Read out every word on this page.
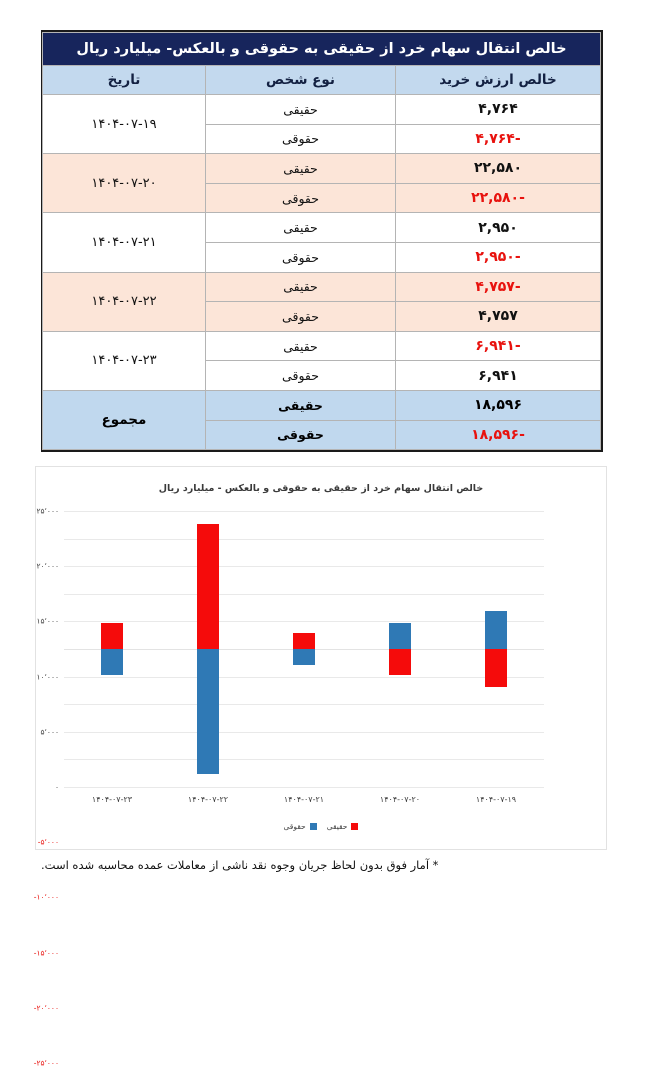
خالص انتقال سهام خرد از حقیقی به حقوقی و بالعکس- میلیارد ریال		
خالص ارزش خرید	نوع شخص	تاریخ
۴,۷۶۴	حقیقی	۱۴۰۴-۰۷-۱۹
-۴,۷۶۴	حقوقی	
۲۲,۵۸۰	حقیقی	۱۴۰۴-۰۷-۲۰
-۲۲,۵۸۰	حقوقی	
۲,۹۵۰	حقیقی	۱۴۰۴-۰۷-۲۱
-۲,۹۵۰	حقوقی	
-۴,۷۵۷	حقیقی	۱۴۰۴-۰۷-۲۲
۴,۷۵۷	حقوقی	
-۶,۹۴۱	حقیقی	۱۴۰۴-۰۷-۲۳
۶,۹۴۱	حقوقی	
۱۸,۵۹۶	حقیقی	مجموع
-۱۸,۵۹۶	حقوقی	
خالص انتقال سهام خرد از حقیقی به حقوقی و بالعکس - میلیارد ریال
۲۵٬۰۰۰
۲۰٬۰۰۰
۱۵٬۰۰۰
۱۰٬۰۰۰
۵٬۰۰۰
۰
-۵٬۰۰۰
-۱۰٬۰۰۰
-۱۵٬۰۰۰
-۲۰٬۰۰۰
-۲۵٬۰۰۰
۱۴۰۴-۰۷-۱۹
۱۴۰۴-۰۷-۲۰
۱۴۰۴-۰۷-۲۱
۱۴۰۴-۰۷-۲۲
۱۴۰۴-۰۷-۲۳
حقیقی
حقوقی
* آمار فوق بدون لحاظ جریان وجوه نقد ناشی از معاملات عمده محاسبه شده است.
